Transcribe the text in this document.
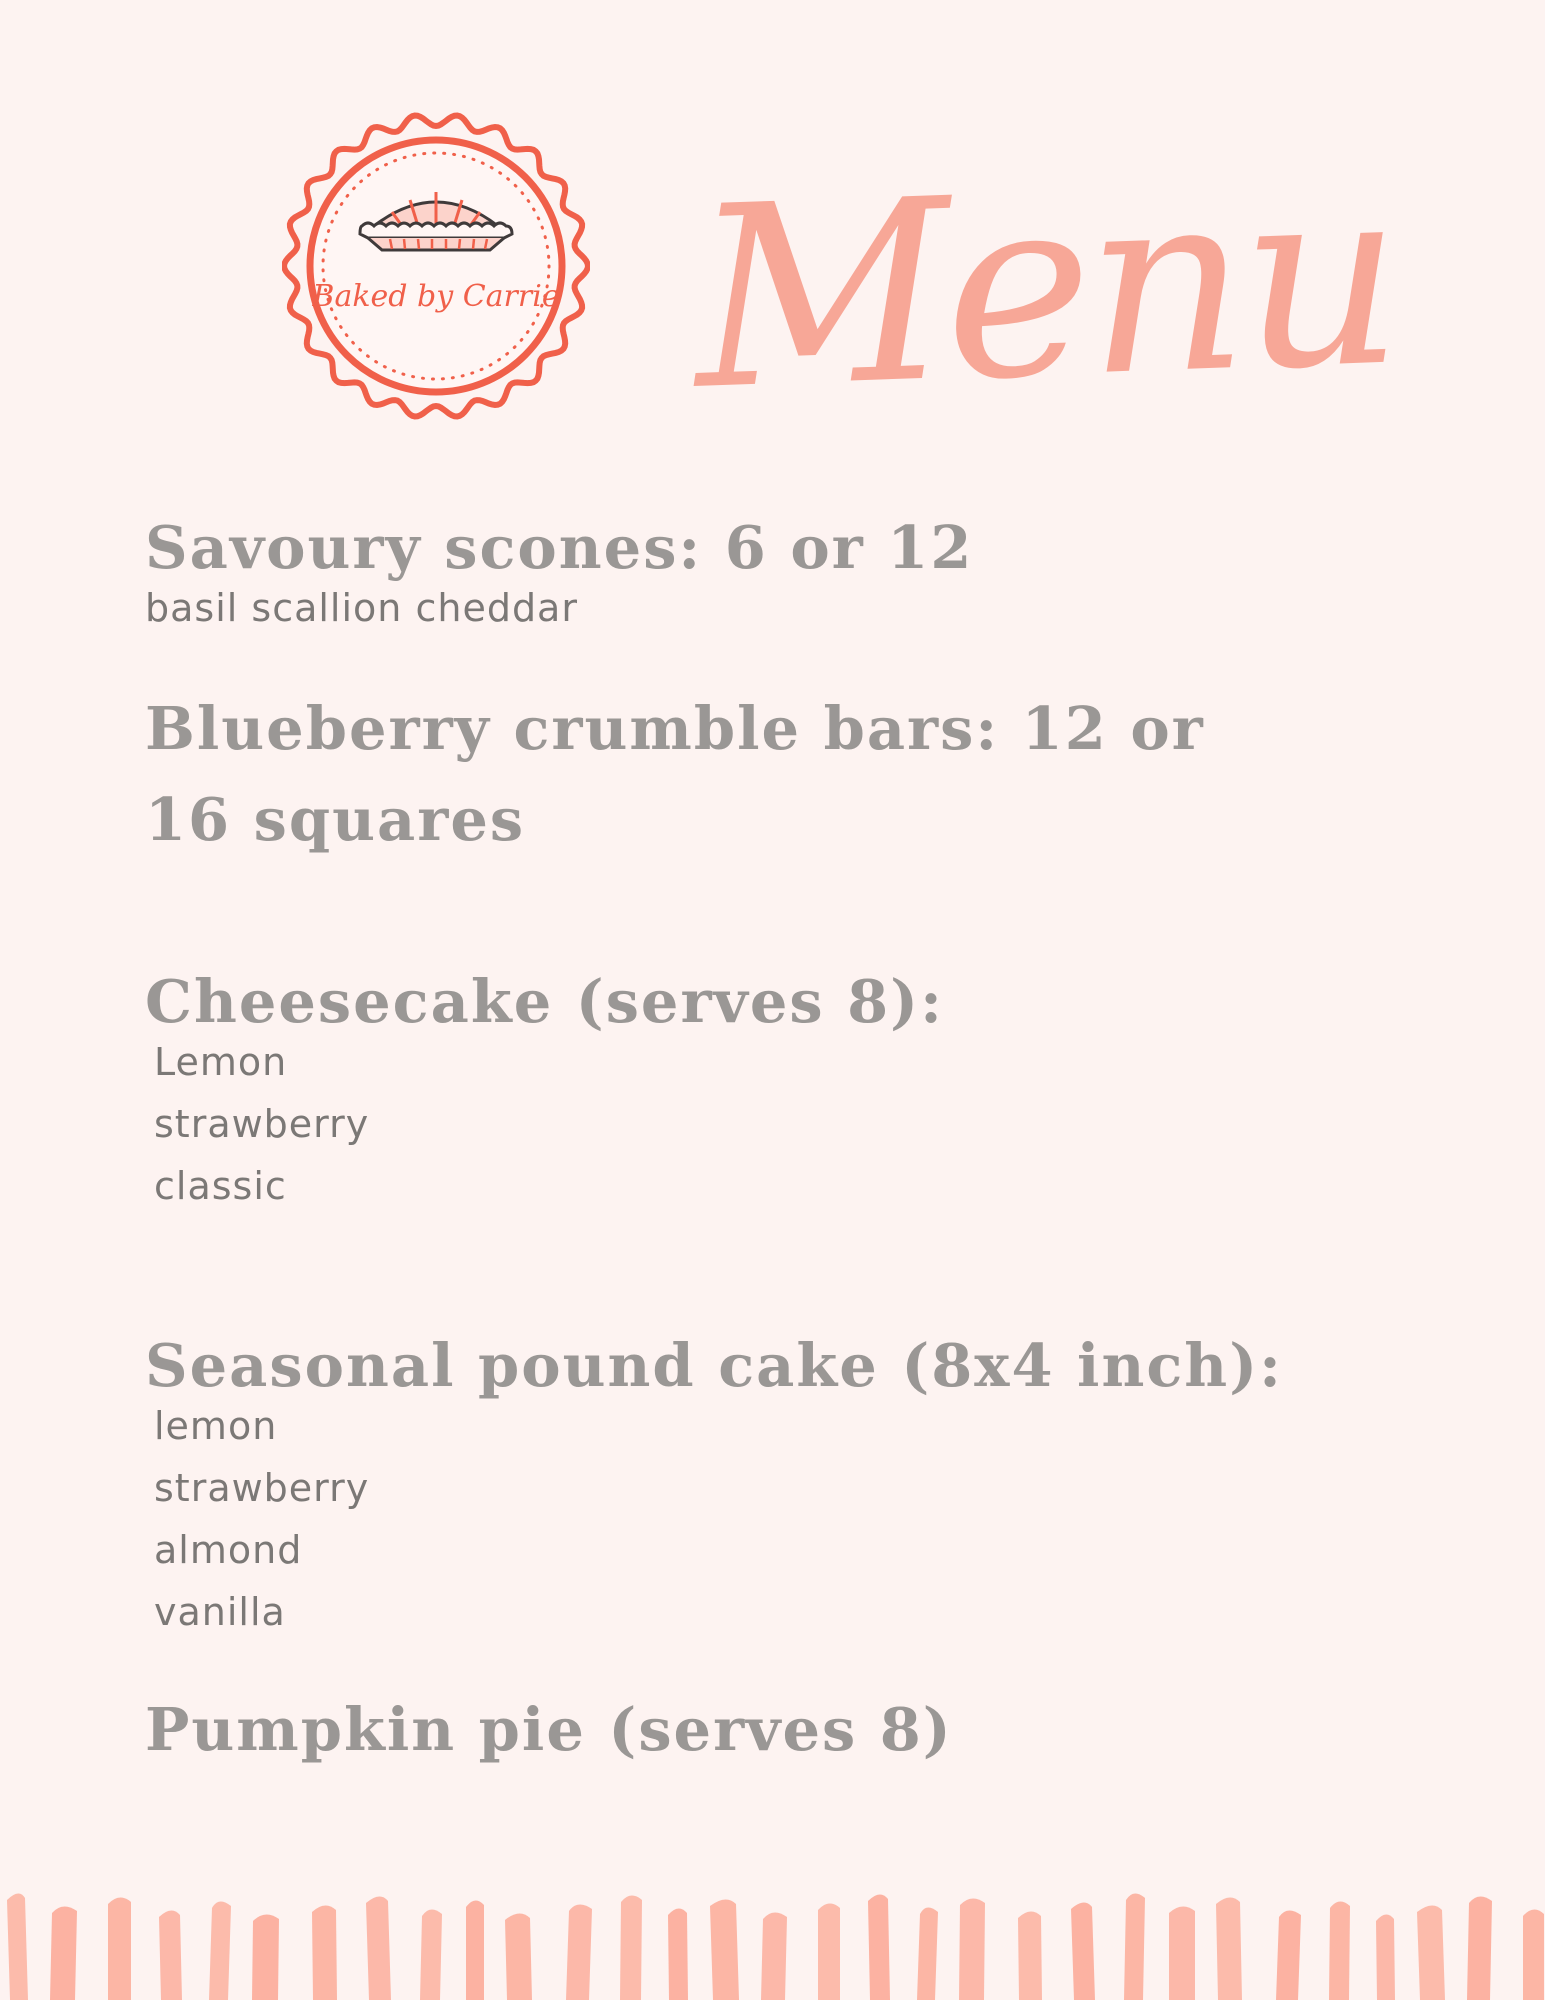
Baked by Carrie Menu

Savoury scones: 6 or 12

basil scallion cheddar

Blueberry crumble bars: 12 or 16 squares

Cheesecake (serves 8):

Lemon

strawberry

classic

Seasonal pound cake (8x4 inch):

lemon

strawberry

almond

vanilla

Pumpkin pie (serves 8)
